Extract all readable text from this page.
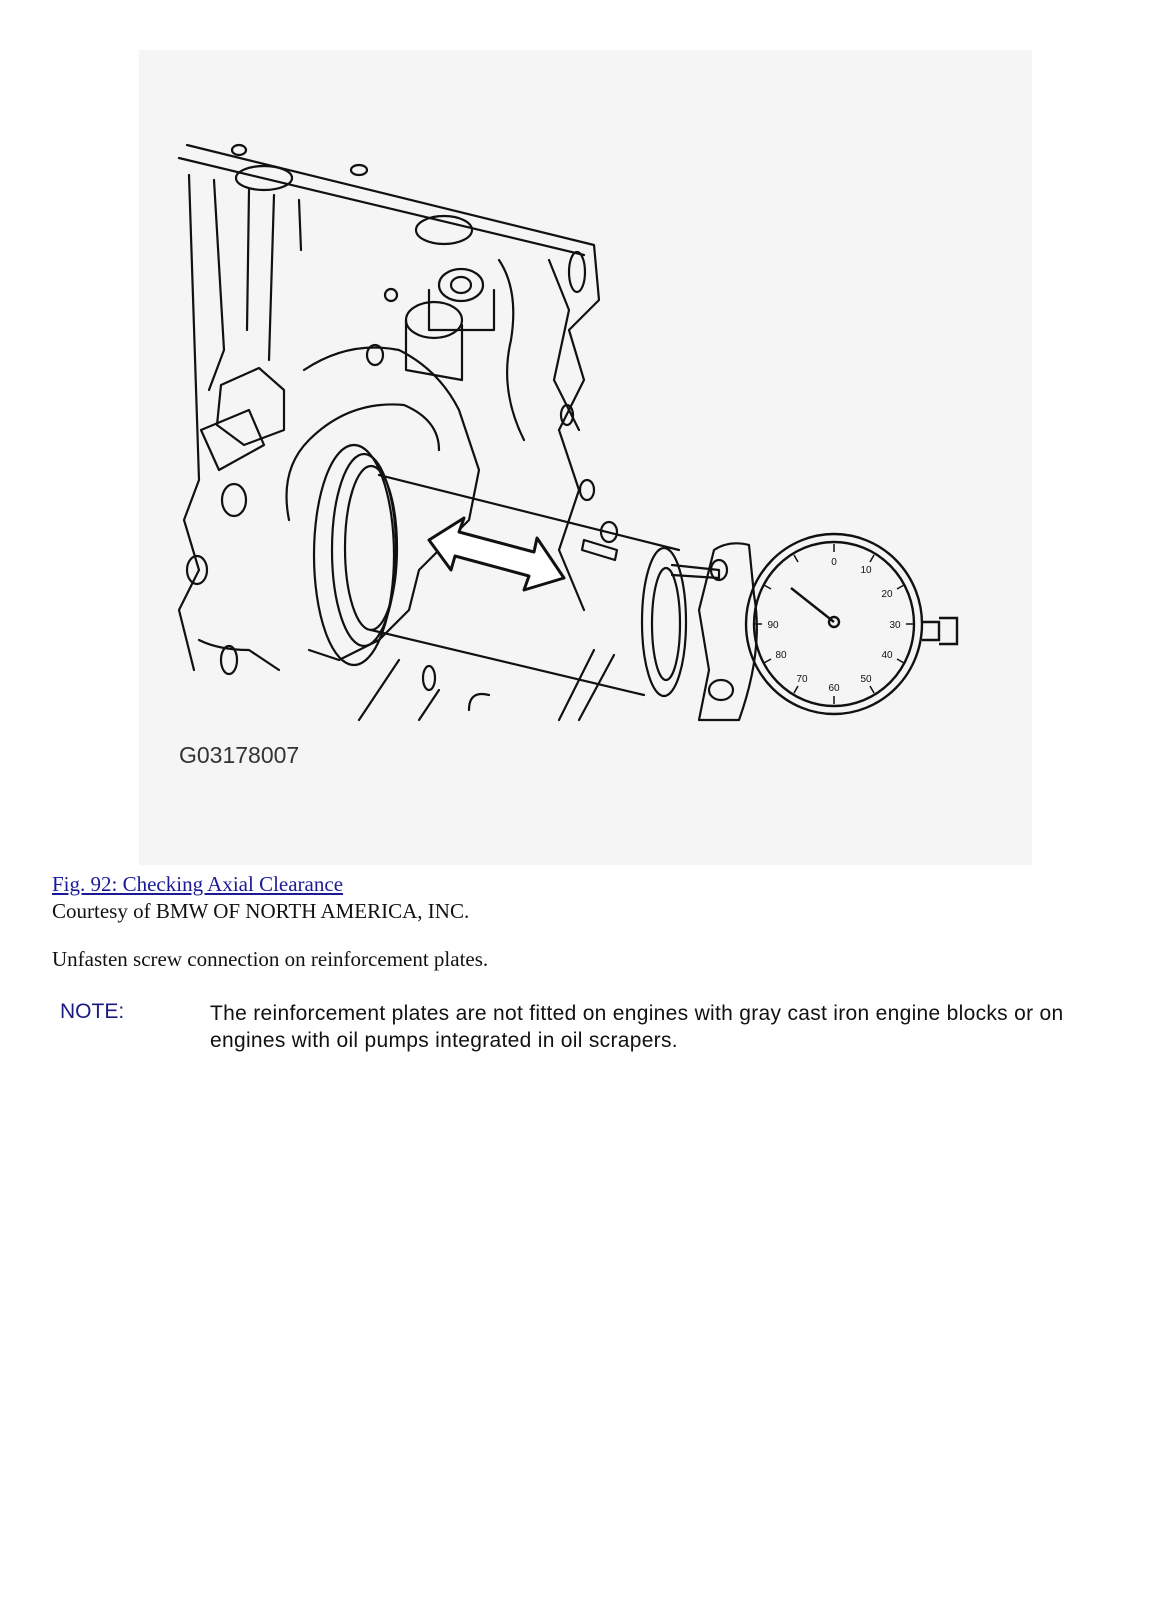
0
10
20
30
40
50
60
70
80
90
G03178007
Fig. 92: Checking Axial Clearance
Courtesy of BMW OF NORTH AMERICA, INC.
Unfasten screw connection on reinforcement plates.
NOTE:	The reinforcement plates are not fitted on engines with gray cast iron engine blocks or on engines with oil pumps integrated in oil scrapers.
